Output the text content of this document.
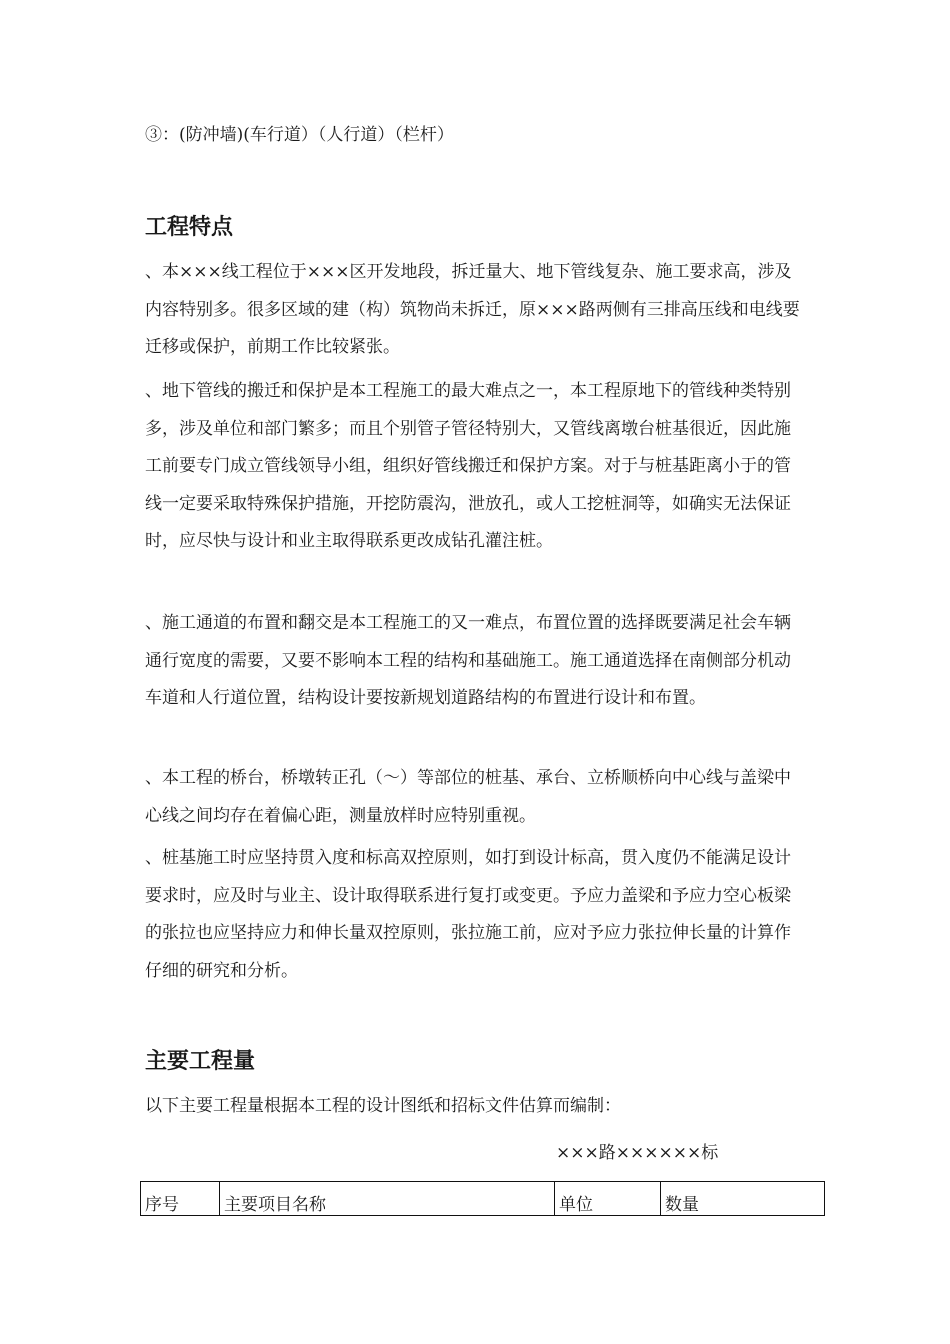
③：(防冲墙)(车行道）（人行道）（栏杆）

工程特点

、本×××线工程位于×××区开发地段，拆迁量大、地下管线复杂、施工要求高，涉及内容特别多。很多区域的建（构）筑物尚未拆迁，原×××路两侧有三排高压线和电线要迁移或保护，前期工作比较紧张。

、地下管线的搬迁和保护是本工程施工的最大难点之一，本工程原地下的管线种类特别多，涉及单位和部门繁多；而且个别管子管径特别大，又管线离墩台桩基很近，因此施工前要专门成立管线领导小组，组织好管线搬迁和保护方案。对于与桩基距离小于的管线一定要采取特殊保护措施，开挖防震沟，泄放孔，或人工挖桩洞等，如确实无法保证时，应尽快与设计和业主取得联系更改成钻孔灌注桩。

、施工通道的布置和翻交是本工程施工的又一难点，布置位置的选择既要满足社会车辆通行宽度的需要，又要不影响本工程的结构和基础施工。施工通道选择在南侧部分机动车道和人行道位置，结构设计要按新规划道路结构的布置进行设计和布置。

、本工程的桥台，桥墩转正孔（～）等部位的桩基、承台、立桥顺桥向中心线与盖梁中心线之间均存在着偏心距，测量放样时应特别重视。

、桩基施工时应坚持贯入度和标高双控原则，如打到设计标高，贯入度仍不能满足设计要求时，应及时与业主、设计取得联系进行复打或变更。予应力盖梁和予应力空心板梁的张拉也应坚持应力和伸长量双控原则，张拉施工前，应对予应力张拉伸长量的计算作仔细的研究和分析。

主要工程量

以下主要工程量根据本工程的设计图纸和招标文件估算而编制：

×××路××××××标
序号	主要项目名称	单位	数量
